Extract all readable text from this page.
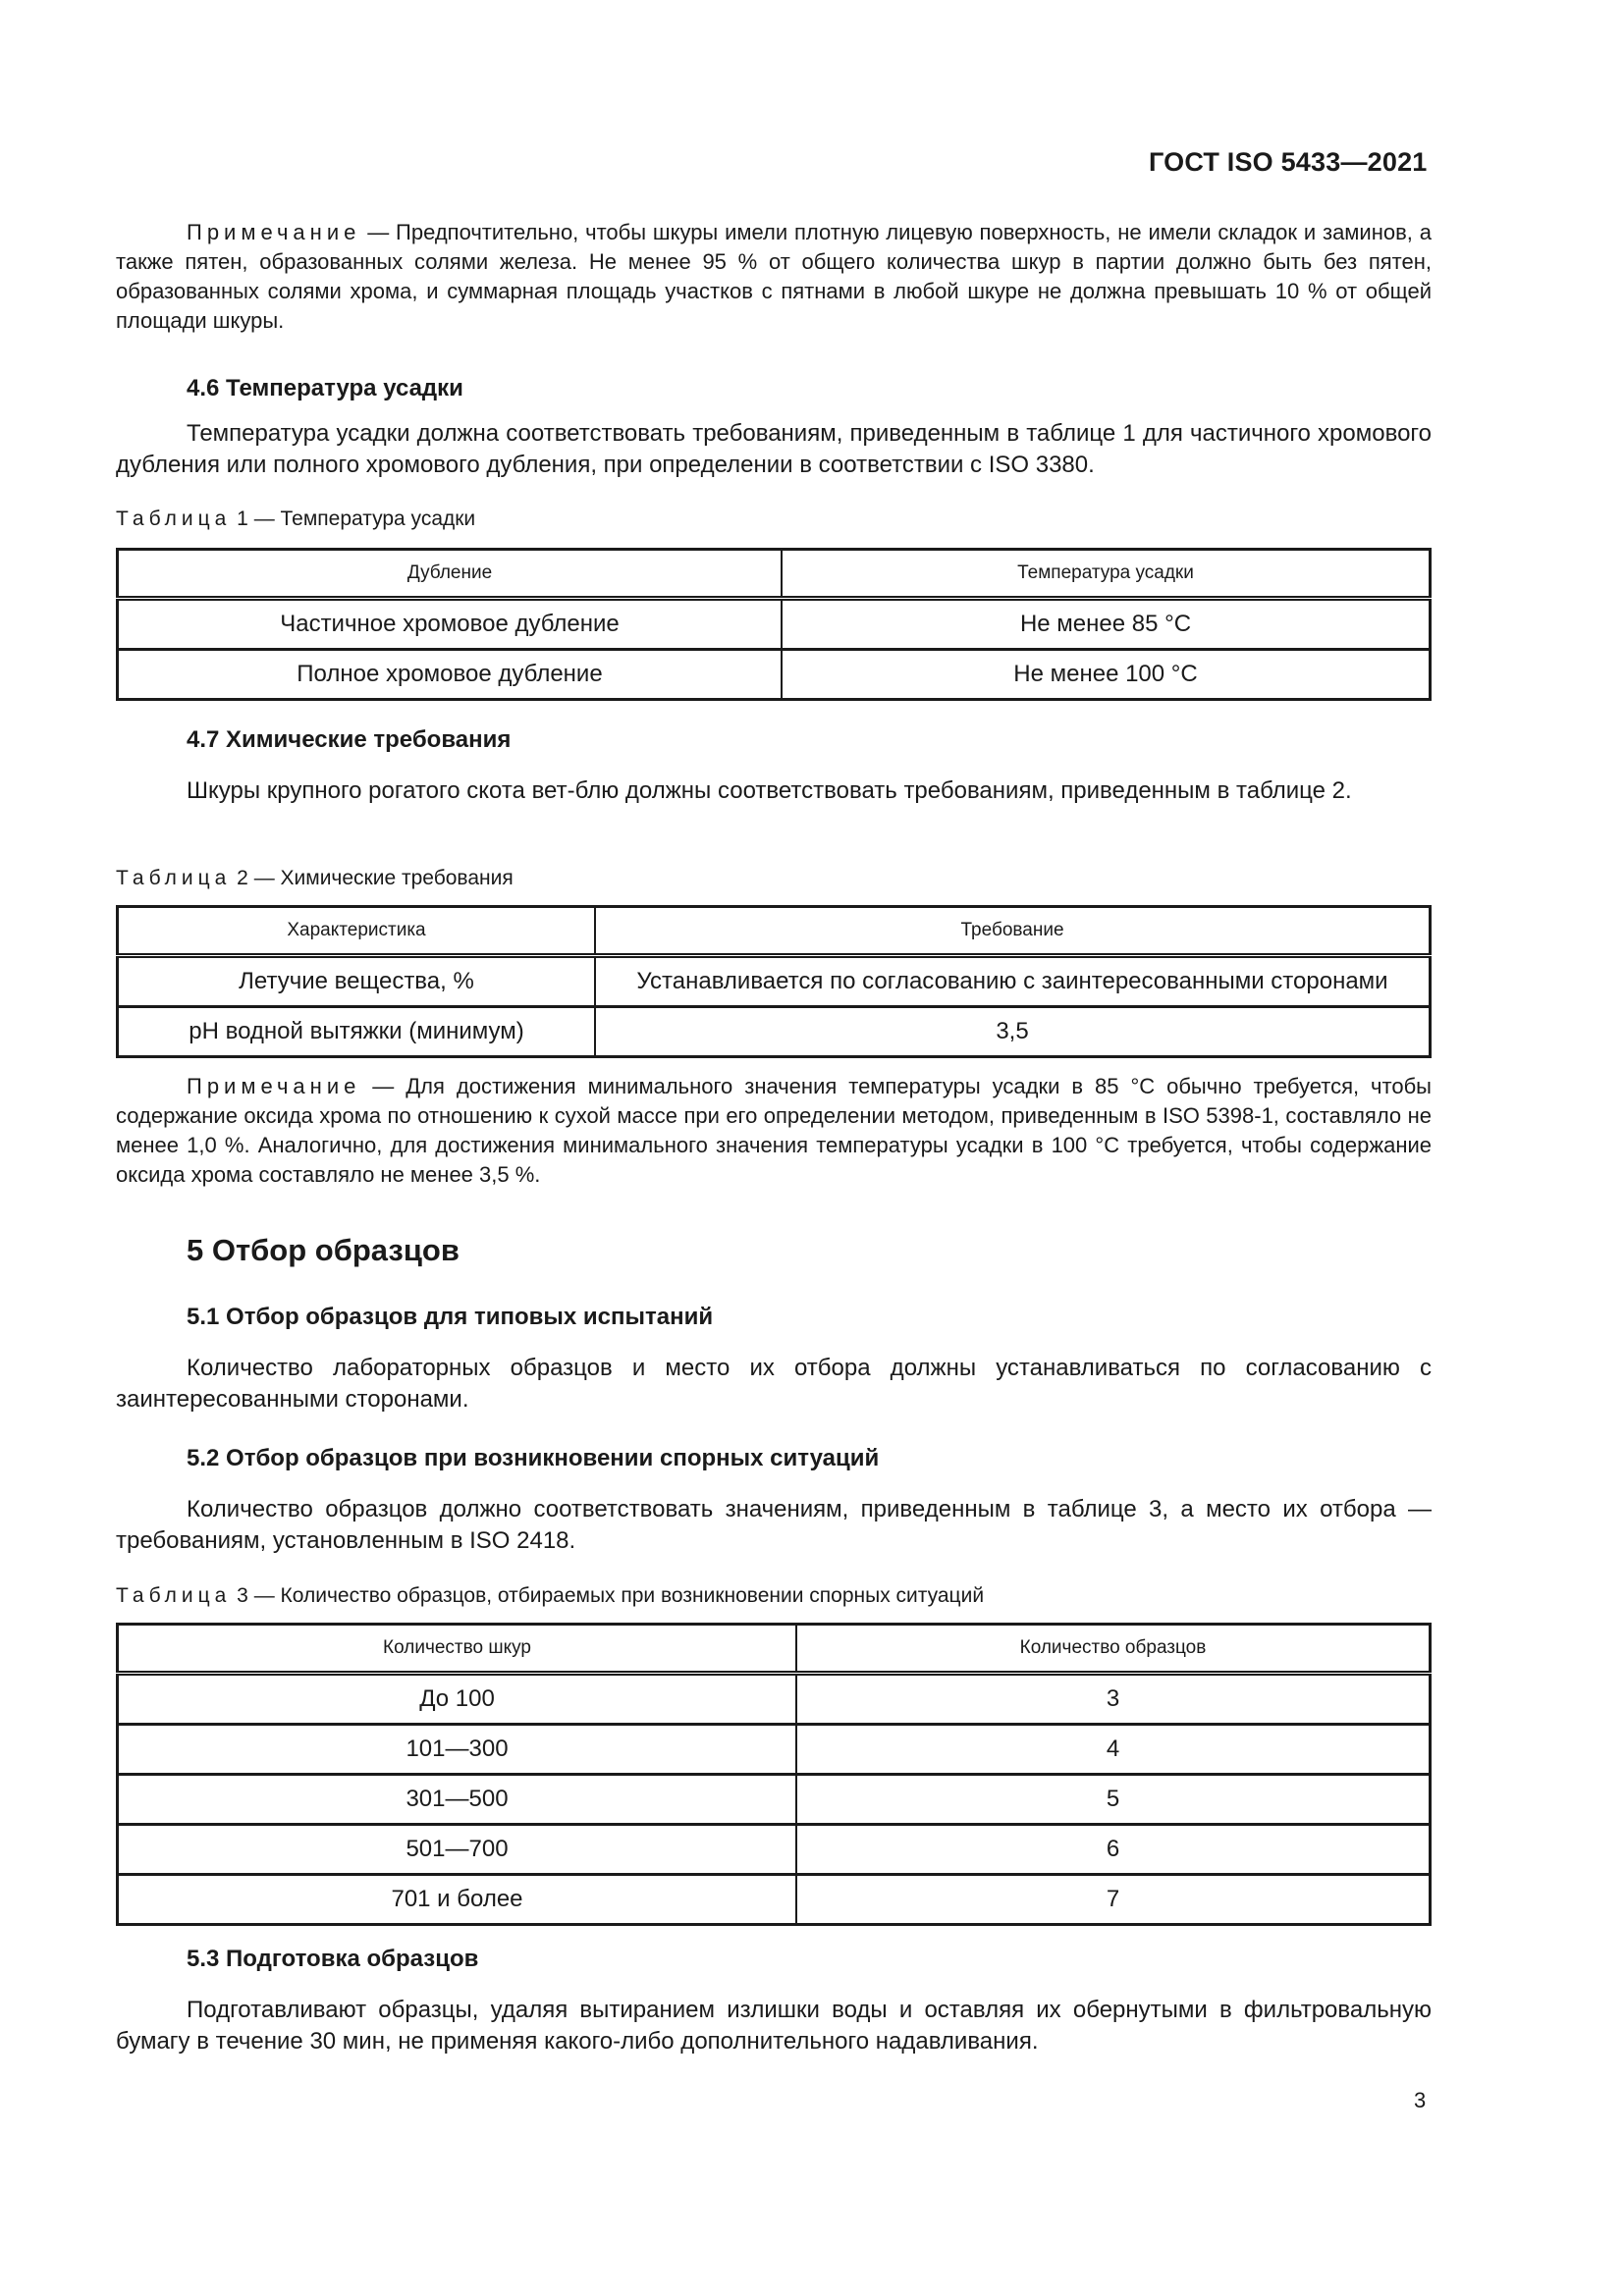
ГОСТ ISO 5433—2021
Примечание — Предпочтительно, чтобы шкуры имели плотную лицевую поверхность, не имели складок и заминов, а также пятен, образованных солями железа. Не менее 95 % от общего количества шкур в партии должно быть без пятен, образованных солями хрома, и суммарная площадь участков с пятнами в любой шкуре не должна превышать 10 % от общей площади шкуры.
4.6 Температура усадки
Температура усадки должна соответствовать требованиям, приведенным в таблице 1 для частичного хромового дубления или полного хромового дубления, при определении в соответствии с ISO 3380.
Таблица 1 — Температура усадки
Дубление	Температура усадки
Частичное хромовое дубление	Не менее 85 °С
Полное хромовое дубление	Не менее 100 °С
4.7 Химические требования
Шкуры крупного рогатого скота вет-блю должны соответствовать требованиям, приведенным в таблице 2.
Таблица 2 — Химические требования
Характеристика	Требование
Летучие вещества, %	Устанавливается по согласованию с заинтересованными сторонами
pH водной вытяжки (минимум)	3,5
Примечание — Для достижения минимального значения температуры усадки в 85 °С обычно требуется, чтобы содержание оксида хрома по отношению к сухой массе при его определении методом, приведенным в ISO 5398-1, составляло не менее 1,0 %. Аналогично, для достижения минимального значения температуры усадки в 100 °С требуется, чтобы содержание оксида хрома составляло не менее 3,5 %.
5 Отбор образцов
5.1 Отбор образцов для типовых испытаний
Количество лабораторных образцов и место их отбора должны устанавливаться по согласованию с заинтересованными сторонами.
5.2 Отбор образцов при возникновении спорных ситуаций
Количество образцов должно соответствовать значениям, приведенным в таблице 3, а место их отбора — требованиям, установленным в ISO 2418.
Таблица 3 — Количество образцов, отбираемых при возникновении спорных ситуаций
Количество шкур	Количество образцов
До 100	3
101—300	4
301—500	5
501—700	6
701 и более	7
5.3 Подготовка образцов
Подготавливают образцы, удаляя вытиранием излишки воды и оставляя их обернутыми в фильтровальную бумагу в течение 30 мин, не применяя какого-либо дополнительного надавливания.
3
